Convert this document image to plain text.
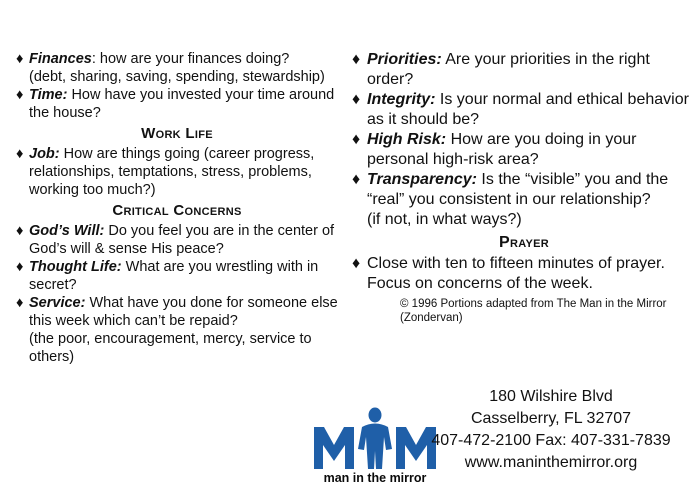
♦ Finances: how are your finances doing?
(debt, sharing, saving, spending, stewardship)
♦ Time: How have you invested your time around the house?
Work Life
♦ Job: How are things going (career progress, relationships, temptations, stress, problems, working too much?)
Critical Concerns
♦ God’s Will: Do you feel you are in the center of God’s will & sense His peace?
♦ Thought Life: What are you wrestling with in secret?
♦ Service: What have you done for someone else this week which can’t be repaid?
(the poor, encouragement, mercy, service to others)
♦ Priorities: Are your priorities in the right order?
♦ Integrity: Is your normal and ethical behavior as it should be?
♦ High Risk: How are you doing in your personal high-risk area?
♦ Transparency: Is the “visible” you and the “real” you consistent in our relationship?
(if not, in what ways?)
Prayer
♦ Close with ten to fifteen minutes of prayer. Focus on concerns of the week.
© 1996 Portions adapted from The Man in the Mirror (Zondervan)
man in the mirror
180 Wilshire Blvd
Casselberry, FL 32707
407-472-2100 Fax: 407-331-7839
www.maninthemirror.org
